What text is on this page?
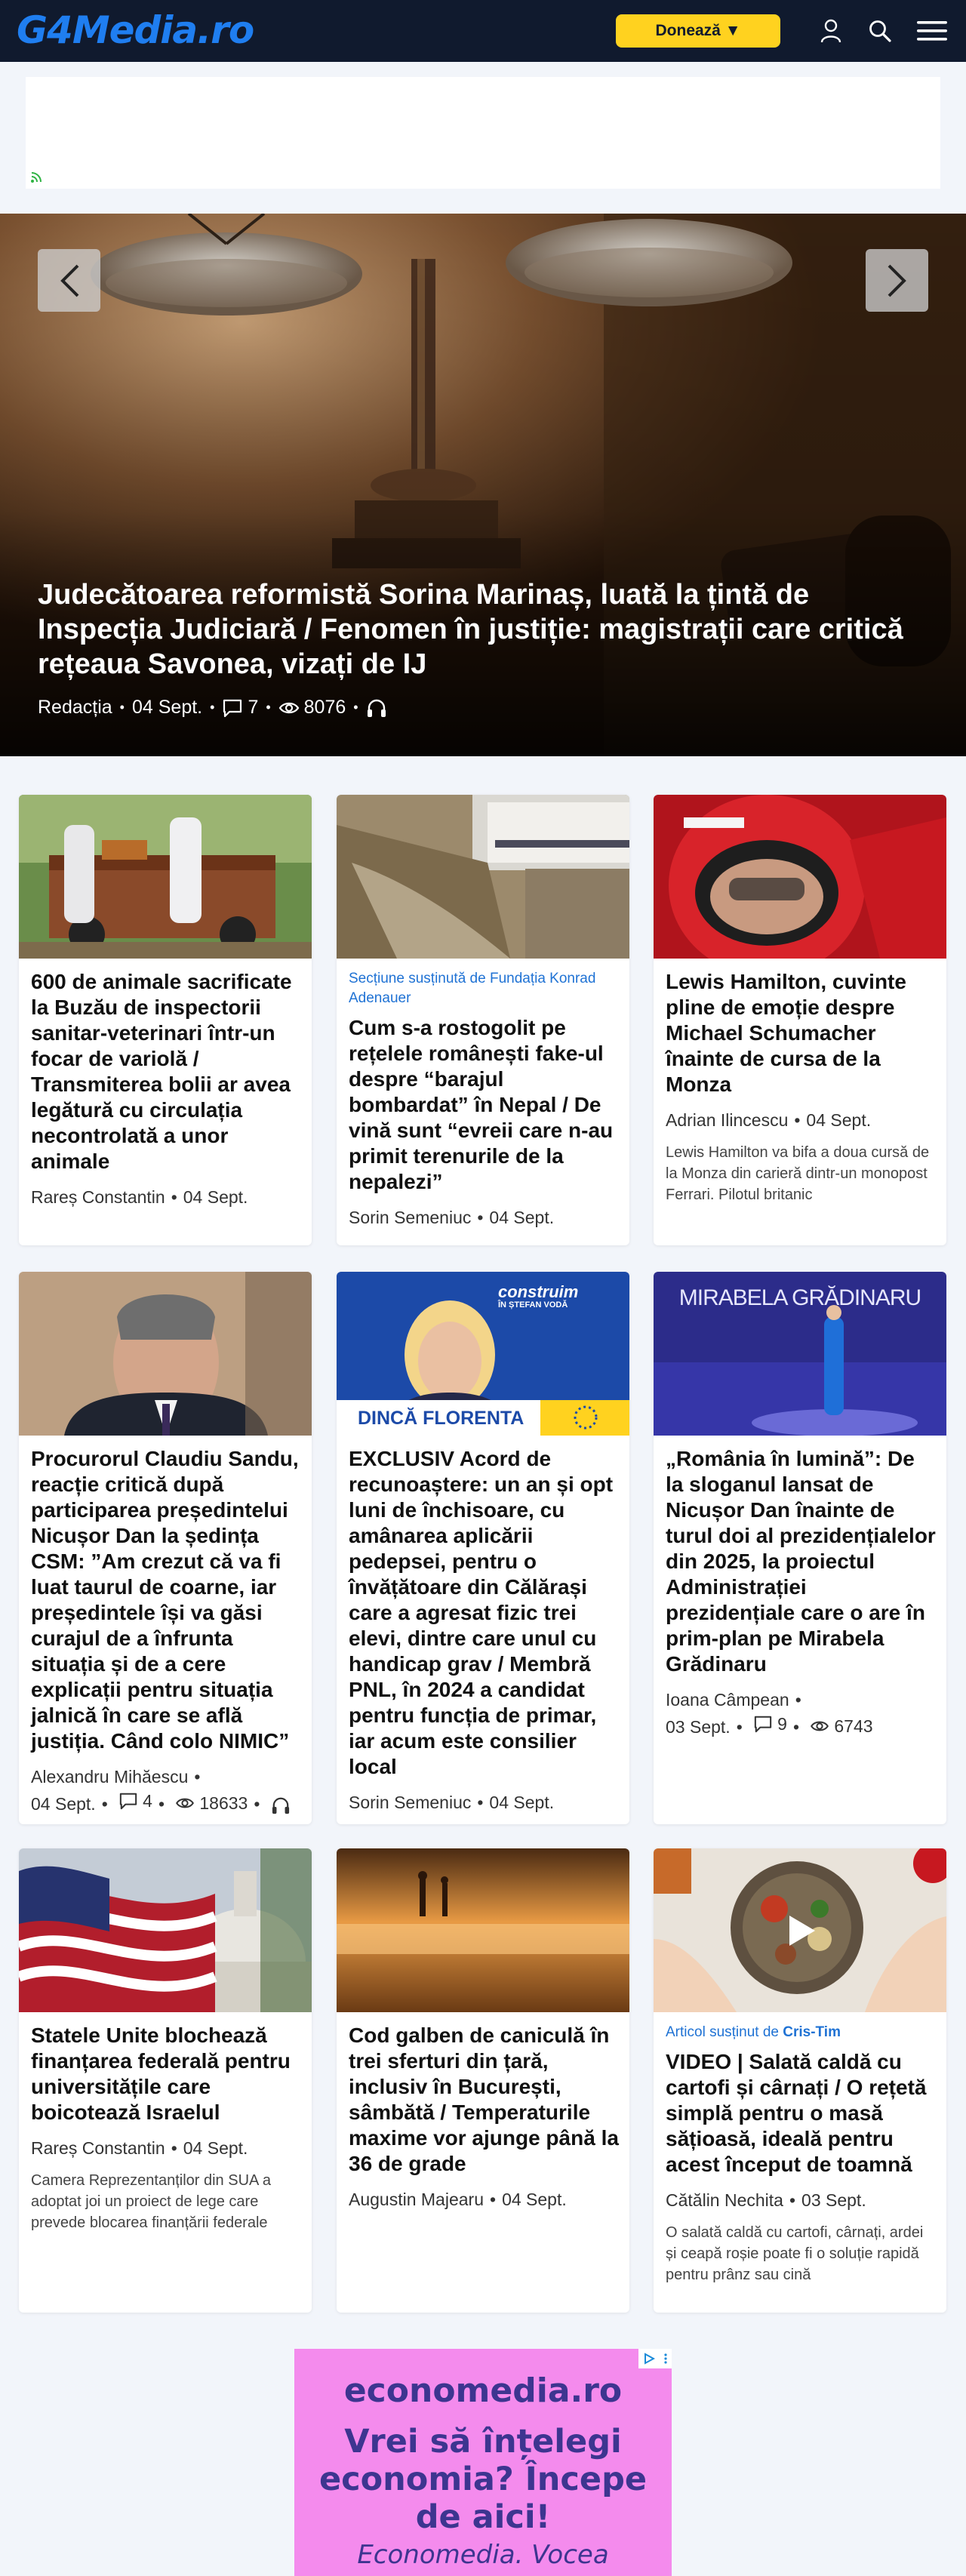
G4Media.ro	Donează ▼
Judecătoarea reformistă Sorina Marinaș, luată la țintă de Inspecția Judiciară / Fenomen în justiție: magistrații care critică rețeaua Savonea, vizați de IJ
Redacția • 04 Sept. • 7 • 8076 •
600 de animale sacrificate la Buzău de inspectorii sanitar-veterinari într-un focar de variolă / Transmiterea bolii ar avea legătură cu circulația necontrolată a unor animale
Rareș Constantin • 04 Sept.
Secțiune susținută de Fundația Konrad Adenauer
Cum s-a rostogolit pe rețelele românești fake-ul despre “barajul bombardat” în Nepal / De vină sunt “evreii care n-au primit terenurile de la nepalezi”
Sorin Semeniuc • 04 Sept.
Lewis Hamilton, cuvinte pline de emoție despre Michael Schumacher înainte de cursa de la Monza
Adrian Ilincescu • 04 Sept.
Lewis Hamilton va bifa a doua cursă de la Monza din carieră dintr-un monopost Ferrari. Pilotul britanic
Procurorul Claudiu Sandu, reacție critică după participarea președintelui Nicușor Dan la ședința CSM: ”Am crezut că va fi luat taurul de coarne, iar președintele își va găsi curajul de a înfrunta situația și de a cere explicații pentru situația jalnică în care se află justiția. Când colo NIMIC”
Alexandru Mihăescu •
04 Sept. • 4 • 18633 •
construim
ÎN ȘTEFAN VODĂ
DINCĂ FLORENTA
EXCLUSIV Acord de recunoaștere: un an și opt luni de închisoare, cu amânarea aplicării pedepsei, pentru o învățătoare din Călărași care a agresat fizic trei elevi, dintre care unul cu handicap grav / Membră PNL, în 2024 a candidat pentru funcția de primar, iar acum este consilier local
Sorin Semeniuc • 04 Sept.
MIRABELA GRĂDINARU
„România în lumină”: De la sloganul lansat de Nicușor Dan înainte de turul doi al prezidențialelor din 2025, la proiectul Administrației prezidențiale care o are în prim-plan pe Mirabela Grădinaru
Ioana Câmpean •
03 Sept. • 9 • 6743
Statele Unite blochează finanțarea federală pentru universitățile care boicotează Israelul
Rareș Constantin • 04 Sept.
Camera Reprezentanților din SUA a adoptat joi un proiect de lege care prevede blocarea finanțării federale
Cod galben de caniculă în trei sferturi din țară, inclusiv în București, sâmbătă / Temperaturile maxime vor ajunge până la 36 de grade
Augustin Majearu • 04 Sept.
Articol susținut de Cris-Tim
VIDEO | Salată caldă cu cartofi și cârnați / O rețetă simplă pentru o masă sățioasă, ideală pentru acest început de toamnă
Cătălin Nechita • 03 Sept.
O salată caldă cu cartofi, cârnați, ardei și ceapă roșie poate fi o soluție rapidă pentru prânz sau cină
economedia.ro
Vrei să înțelegi economia? Începe de aici!
Economedia. Vocea
